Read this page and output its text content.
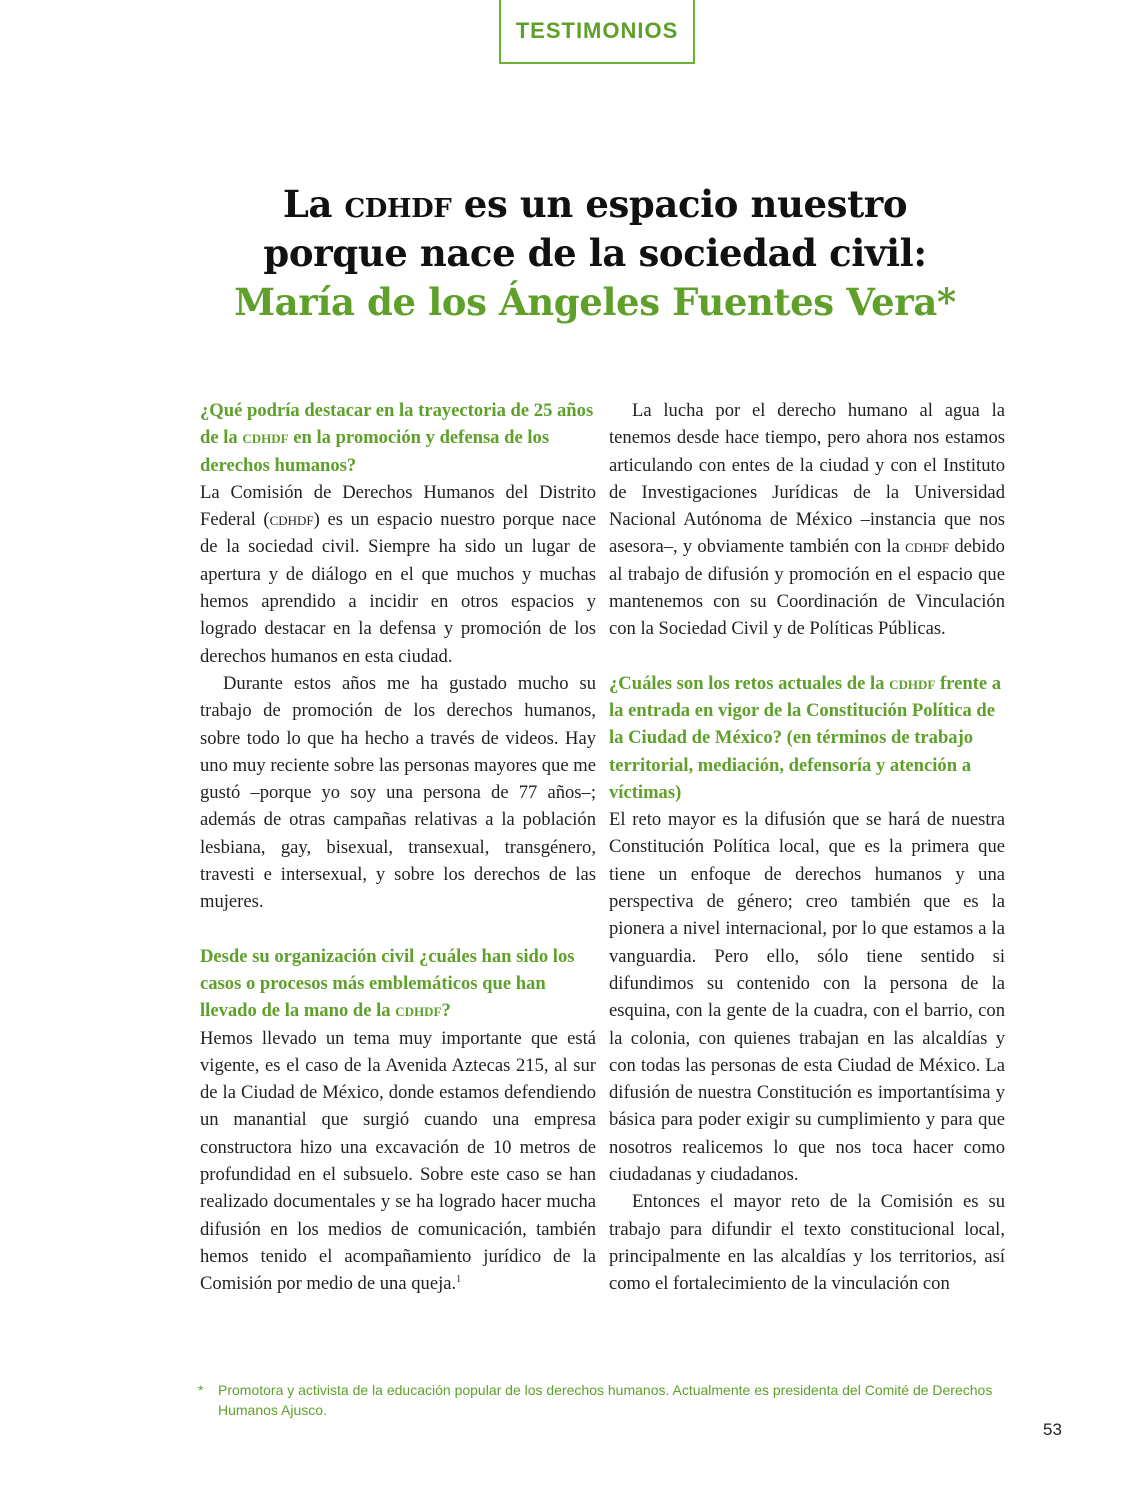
TESTIMONIOS
La cdhdf es un espacio nuestro
porque nace de la sociedad civil:
María de los Ángeles Fuentes Vera*

¿Qué podría destacar en la trayectoria de 25 años de la cdhdf en la promoción y defensa de los derechos humanos?

La Comisión de Derechos Humanos del Distrito Federal (cdhdf) es un espacio nuestro porque nace de la sociedad civil. Siempre ha sido un lugar de apertura y de diálogo en el que muchos y muchas hemos aprendido a incidir en otros espacios y logrado destacar en la defensa y promoción de los derechos humanos en esta ciudad.

Durante estos años me ha gustado mucho su trabajo de promoción de los derechos humanos, sobre todo lo que ha hecho a través de videos. Hay uno muy reciente sobre las personas mayores que me gustó –porque yo soy una persona de 77 años–; además de otras campañas relativas a la población lesbiana, gay, bisexual, transexual, transgénero, travesti e intersexual, y sobre los derechos de las mujeres.

Desde su organización civil ¿cuáles han sido los casos o procesos más emblemáticos que han llevado de la mano de la cdhdf?

Hemos llevado un tema muy importante que está vigente, es el caso de la Avenida Aztecas 215, al sur de la Ciudad de México, donde estamos defendiendo un manantial que surgió cuando una empresa constructora hizo una excavación de 10 metros de profundidad en el subsuelo. Sobre este caso se han realizado documentales y se ha logrado hacer mucha difusión en los medios de comunicación, también hemos tenido el acompañamiento jurídico de la Comisión por medio de una queja.$^1$

La lucha por el derecho humano al agua la tenemos desde hace tiempo, pero ahora nos estamos articulando con entes de la ciudad y con el Instituto de Investigaciones Jurídicas de la Universidad Nacional Autónoma de México –instancia que nos asesora–, y obviamente también con la cdhdf debido al trabajo de difusión y promoción en el espacio que mantenemos con su Coordinación de Vinculación con la Sociedad Civil y de Políticas Públicas.

¿Cuáles son los retos actuales de la cdhdf frente a la entrada en vigor de la Constitución Política de la Ciudad de México? (en términos de trabajo territorial, mediación, defensoría y atención a víctimas)

El reto mayor es la difusión que se hará de nuestra Constitución Política local, que es la primera que tiene un enfoque de derechos humanos y una perspectiva de género; creo también que es la pionera a nivel internacional, por lo que estamos a la vanguardia. Pero ello, sólo tiene sentido si difundimos su contenido con la persona de la esquina, con la gente de la cuadra, con el barrio, con la colonia, con quienes trabajan en las alcaldías y con todas las personas de esta Ciudad de México. La difusión de nuestra Constitución es importantísima y básica para poder exigir su cumplimiento y para que nosotros realicemos lo que nos toca hacer como ciudadanas y ciudadanos.

Entonces el mayor reto de la Comisión es su trabajo para difundir el texto constitucional local, principalmente en las alcaldías y los territorios, así como el fortalecimiento de la vinculación con

*	Promotora y activista de la educación popular de los derechos humanos. Actualmente es presidenta del Comité de Derechos Humanos Ajusco.
53
